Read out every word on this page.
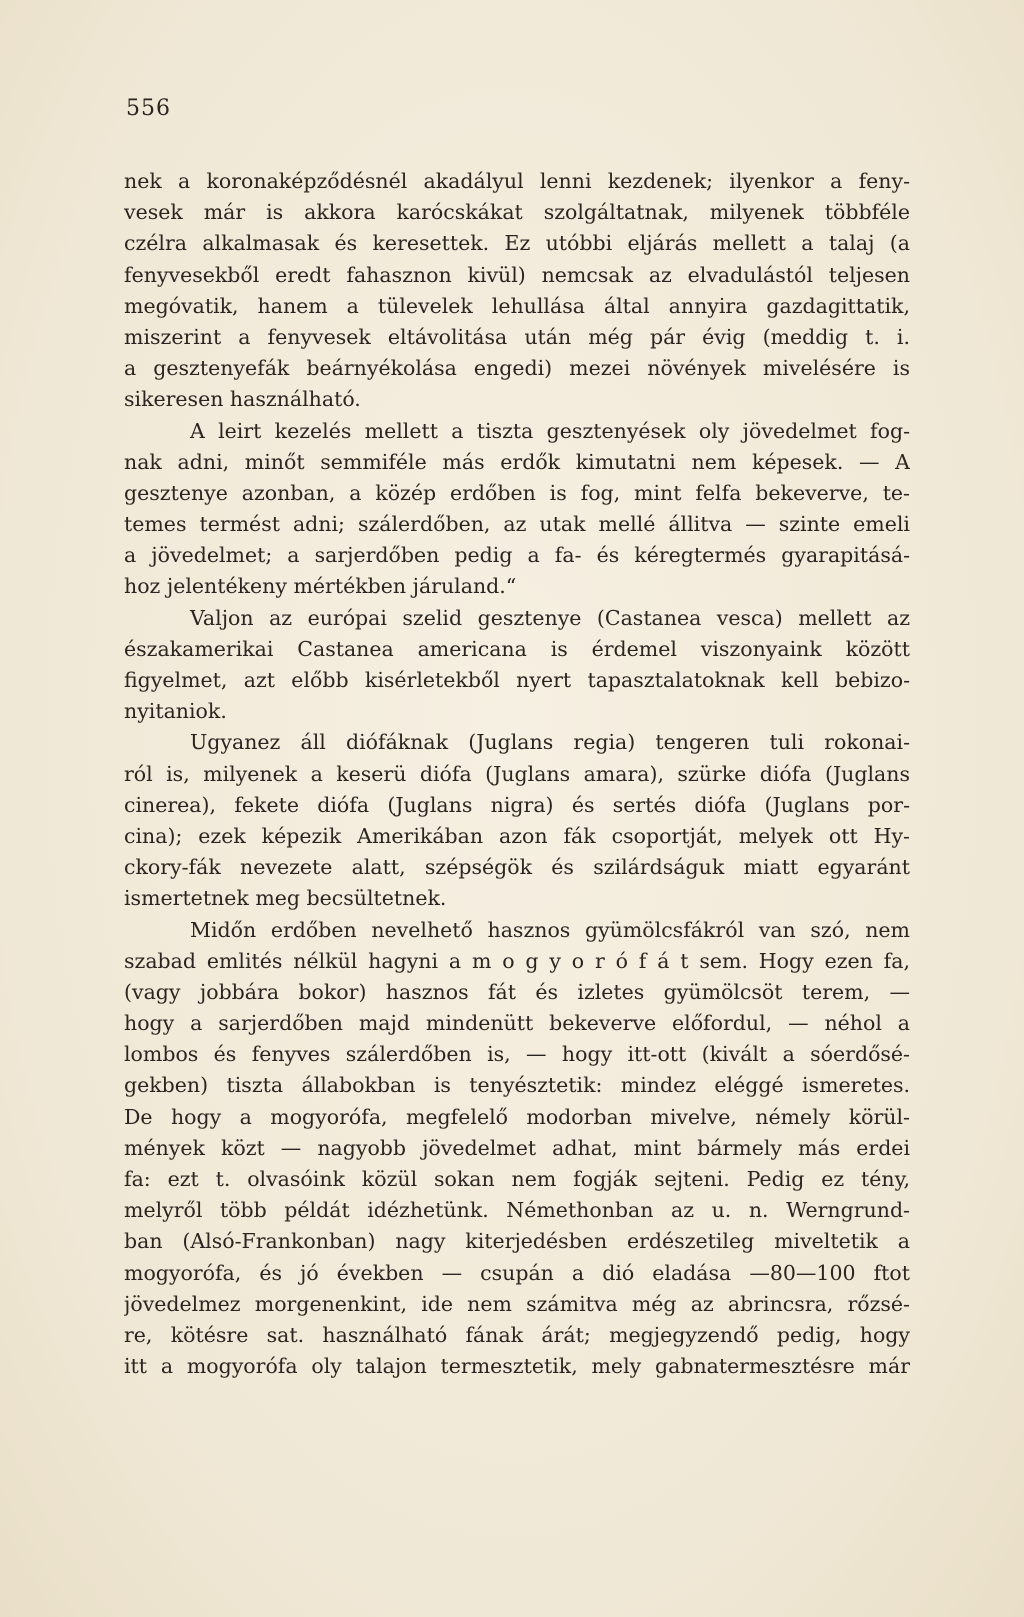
556
nek a koronaképződésnél akadályul lenni kezdenek; ilyenkor a feny-
vesek már is akkora karócskákat szolgáltatnak, milyenek többféle
czélra alkalmasak és keresettek. Ez utóbbi eljárás mellett a talaj (a
fenyvesekből eredt fahasznon kivül) nemcsak az elvadulástól teljesen
megóvatik, hanem a tülevelek lehullása által annyira gazdagittatik,
miszerint a fenyvesek eltávolitása után még pár évig (meddig t. i.
a gesztenyefák beárnyékolása engedi) mezei növények mivelésére is
sikeresen használható.
A leirt kezelés mellett a tiszta gesztenyések oly jövedelmet fog-
nak adni, minőt semmiféle más erdők kimutatni nem képesek. — A
gesztenye azonban, a közép erdőben is fog, mint felfa bekeverve, te-
temes termést adni; szálerdőben, az utak mellé állitva — szinte emeli
a jövedelmet; a sarjerdőben pedig a fa- és kéregtermés gyarapitásá-
hoz jelentékeny mértékben járuland.“
Valjon az európai szelid gesztenye (Castanea vesca) mellett az
északamerikai Castanea americana is érdemel viszonyaink között
figyelmet, azt előbb kisérletekből nyert tapasztalatoknak kell bebizo-
nyitaniok.
Ugyanez áll diófáknak (Juglans regia) tengeren tuli rokonai-
ról is, milyenek a keserü diófa (Juglans amara), szürke diófa (Juglans
cinerea), fekete diófa (Juglans nigra) és sertés diófa (Juglans por-
cina); ezek képezik Amerikában azon fák csoportját, melyek ott Hy-
ckory-fák nevezete alatt, szépségök és szilárdságuk miatt egyaránt
ismertetnek meg becsültetnek.
Midőn erdőben nevelhető hasznos gyümölcsfákról van szó, nem
szabad emlités nélkül hagyni a m o g y o r ó f á t sem. Hogy ezen fa,
(vagy jobbára bokor) hasznos fát és izletes gyümölcsöt terem, —
hogy a sarjerdőben majd mindenütt bekeverve előfordul, — néhol a
lombos és fenyves szálerdőben is, — hogy itt-ott (kivált a sóerdősé-
gekben) tiszta állabokban is tenyésztetik: mindez eléggé ismeretes.
De hogy a mogyorófa, megfelelő modorban mivelve, némely körül-
mények közt — nagyobb jövedelmet adhat, mint bármely más erdei
fa: ezt t. olvasóink közül sokan nem fogják sejteni. Pedig ez tény,
melyről több példát idézhetünk. Némethonban az u. n. Werngrund-
ban (Alsó-Frankonban) nagy kiterjedésben erdészetileg miveltetik a
mogyorófa, és jó években — csupán a dió eladása —80—100 ftot
jövedelmez morgenenkint, ide nem számitva még az abrincsra, rőzsé-
re, kötésre sat. használható fának árát; megjegyzendő pedig, hogy
itt a mogyorófa oly talajon termesztetik, mely gabnatermesztésre már
